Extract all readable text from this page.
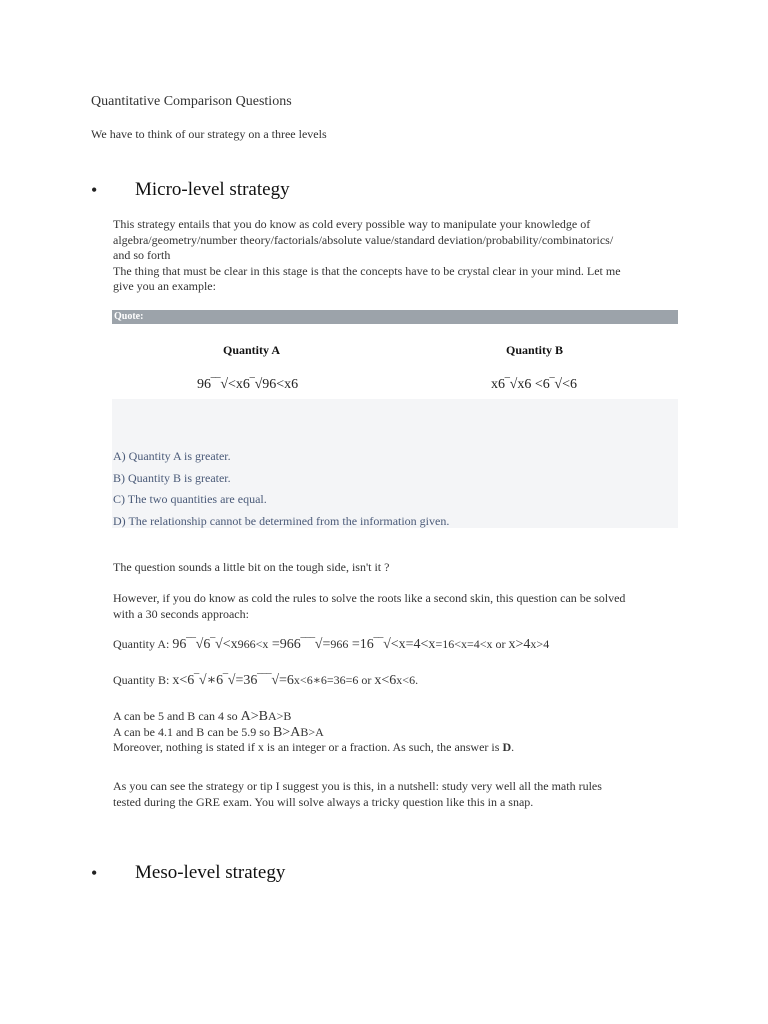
Quantitative Comparison Questions
We have to think of our strategy on a three levels
• Micro-level strategy
This strategy entails that you do know as cold every possible way to manipulate your knowledge of
algebra/geometry/number theory/factorials/absolute value/standard deviation/probability/combinatorics/
and so forth
The thing that must be clear in this stage is that the concepts have to be crystal clear in your mind. Let me
give you an example:
Quote:
Quantity A	Quantity B
96‾‾√<x6‾√96<x6	x6‾√x6 <6‾√<6
A) Quantity A is greater.
B) Quantity B is greater.
C) The two quantities are equal.
D) The relationship cannot be determined from the information given.
The question sounds a little bit on the tough side, isn't it ?
However, if you do know as cold the rules to solve the roots like a second skin, this question can be solved
with a 30 seconds approach:
Quantity A: 96‾‾√6‾√<x966<x =966‾‾‾√=966 =16‾‾√<x=4<x=16<x=4<x or x>4x>4
Quantity B: x<6‾√∗6‾√=36‾‾‾√=6x<6∗6=36=6 or x<6x<6.
A can be 5 and B can 4 so A>BA>B
A can be 4.1 and B can be 5.9 so B>AB>A
Moreover, nothing is stated if x is an integer or a fraction. As such, the answer is D.
As you can see the strategy or tip I suggest you is this, in a nutshell: study very well all the math rules
tested during the GRE exam. You will solve always a tricky question like this in a snap.
• Meso-level strategy
